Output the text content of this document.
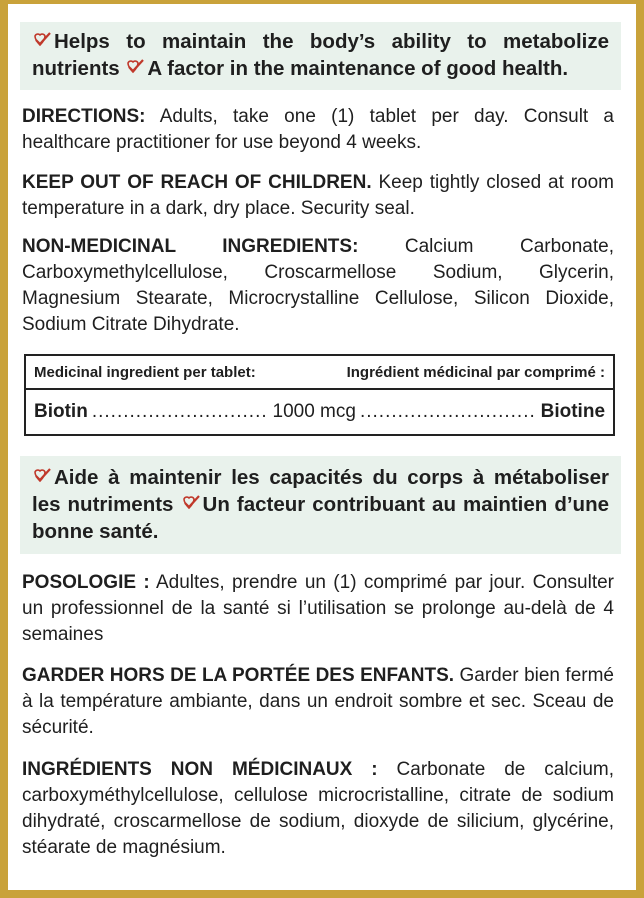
Helps to maintain the body’s ability to metabolize nutrients A factor in the maintenance of good health.
DIRECTIONS: Adults, take one (1) tablet per day. Consult a healthcare practitioner for use beyond 4 weeks.
KEEP OUT OF REACH OF CHILDREN. Keep tightly closed at room temperature in a dark, dry place. Security seal.
NON-MEDICINAL INGREDIENTS: Calcium Carbonate, Carboxymethylcellulose, Croscarmellose Sodium, Glycerin, Magnesium Stearate, Microcrystalline Cellulose, Silicon Dioxide, Sodium Citrate Dihydrate.
Medicinal ingredient per tablet:	Ingrédient médicinal par comprimé :
Biotin .....	1000 mcg .....	Biotine
Aide à maintenir les capacités du corps à métaboliser les nutriments Un facteur contribuant au maintien d’une bonne santé.
POSOLOGIE : Adultes, prendre un (1) comprimé par jour. Consulter un professionnel de la santé si l’utilisation se prolonge au-delà de 4 semaines
GARDER HORS DE LA PORTÉE DES ENFANTS. Garder bien fermé à la température ambiante, dans un endroit sombre et sec. Sceau de sécurité.
INGRÉDIENTS NON MÉDICINAUX : Carbonate de calcium, carboxyméthylcellulose, cellulose microcristalline, citrate de sodium dihydraté, croscarmellose de sodium, dioxyde de silicium, glycérine, stéarate de magnésium.
